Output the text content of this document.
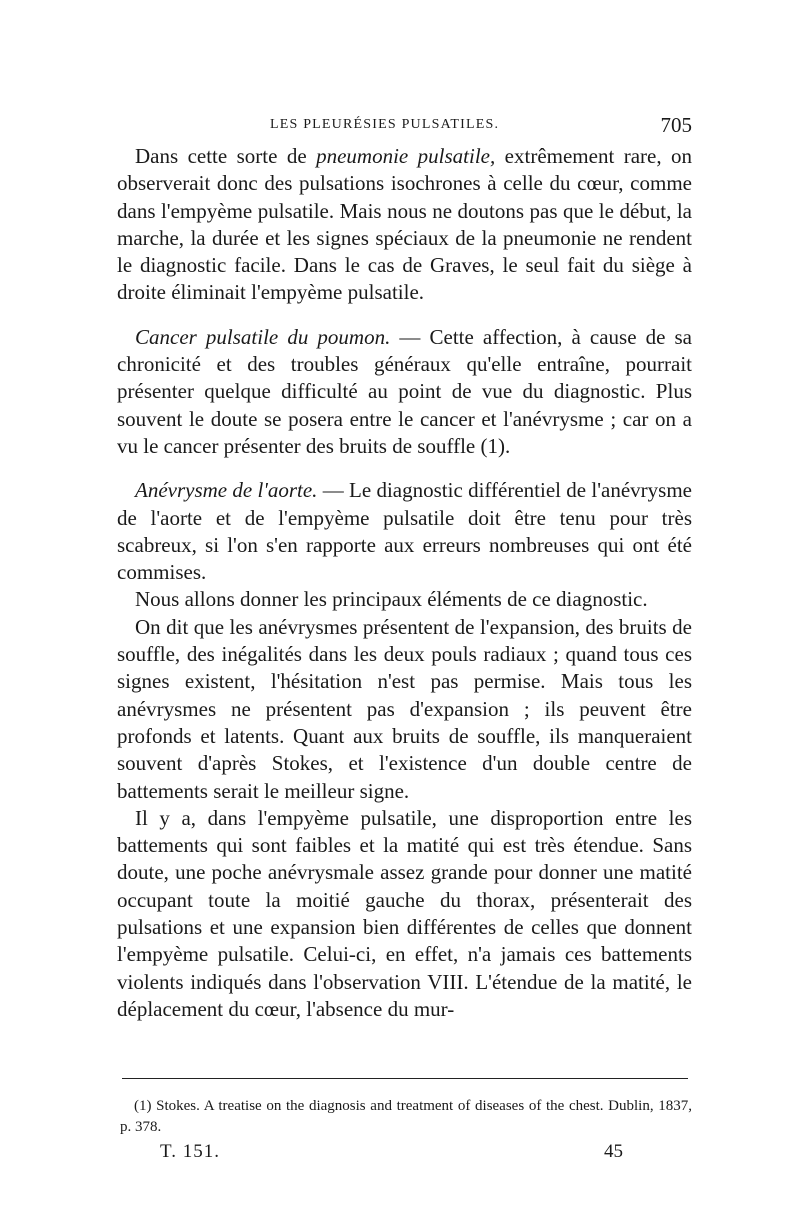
LES PLEURÉSIES PULSATILES.	705

Dans cette sorte de pneumonie pulsatile, extrêmement rare, on observerait donc des pulsations isochrones à celle du cœur, comme dans l'empyème pulsatile. Mais nous ne doutons pas que le début, la marche, la durée et les signes spéciaux de la pneumonie ne rendent le diagnostic facile. Dans le cas de Graves, le seul fait du siège à droite éliminait l'empyème pulsatile.

Cancer pulsatile du poumon. — Cette affection, à cause de sa chronicité et des troubles généraux qu'elle entraîne, pourrait présenter quelque difficulté au point de vue du diagnostic. Plus souvent le doute se posera entre le cancer et l'anévrysme ; car on a vu le cancer présenter des bruits de souffle (1).

Anévrysme de l'aorte. — Le diagnostic différentiel de l'anévrysme de l'aorte et de l'empyème pulsatile doit être tenu pour très scabreux, si l'on s'en rapporte aux erreurs nombreuses qui ont été commises.

Nous allons donner les principaux éléments de ce diagnostic.

On dit que les anévrysmes présentent de l'expansion, des bruits de souffle, des inégalités dans les deux pouls radiaux ; quand tous ces signes existent, l'hésitation n'est pas permise. Mais tous les anévrysmes ne présentent pas d'expansion ; ils peuvent être profonds et latents. Quant aux bruits de souffle, ils manqueraient souvent d'après Stokes, et l'existence d'un double centre de battements serait le meilleur signe.

Il y a, dans l'empyème pulsatile, une disproportion entre les battements qui sont faibles et la matité qui est très étendue. Sans doute, une poche anévrysmale assez grande pour donner une matité occupant toute la moitié gauche du thorax, présenterait des pulsations et une expansion bien différentes de celles que donnent l'empyème pulsatile. Celui-ci, en effet, n'a jamais ces battements violents indiqués dans l'observation VIII. L'étendue de la matité, le déplacement du cœur, l'absence du mur-

(1) Stokes. A treatise on the diagnosis and treatment of diseases of the chest. Dublin, 1837, p. 378.

T. 151.	45
